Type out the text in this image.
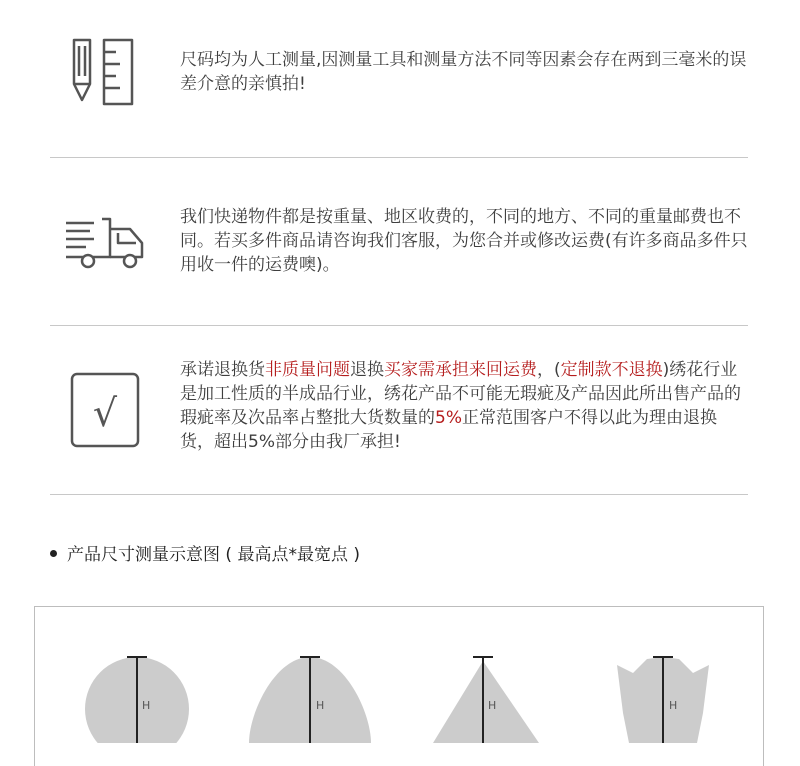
尺码均为人工测量,因测量工具和测量方法不同等因素会存在两到三毫米的误差介意的亲慎拍!
我们快递物件都是按重量、地区收费的，不同的地方、不同的重量邮费也不同。若买多件商品请咨询我们客服，为您合并或修改运费(有许多商品多件只用收一件的运费噢)。
√
承诺退换货非质量问题退换买家需承担来回运费，(定制款不退换)绣花行业是加工性质的半成品行业，绣花产品不可能无瑕疵及产品因此所出售产品的瑕疵率及次品率占整批大货数量的5%正常范围客户不得以此为理由退换货，超出5%部分由我厂承担!
产品尺寸测量示意图 ( 最高点*最宽点 )
H	H	H	H
